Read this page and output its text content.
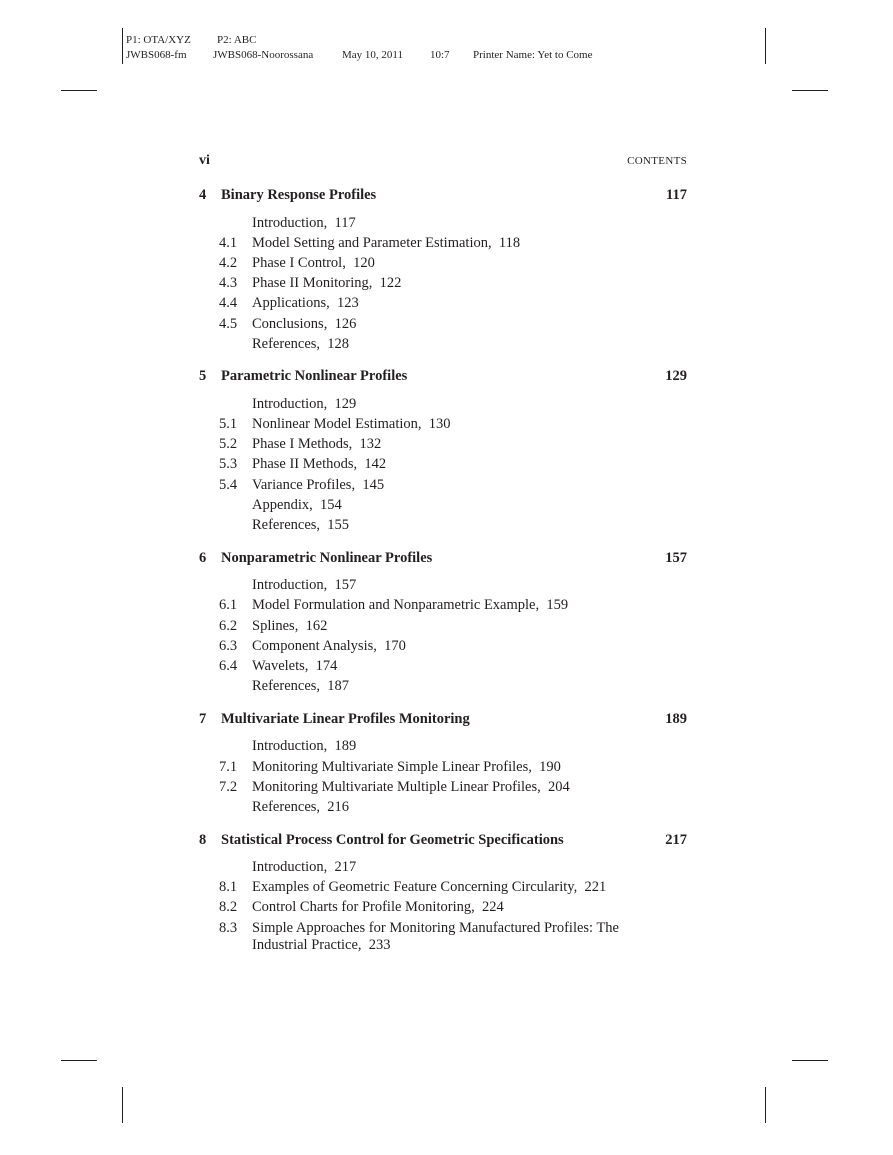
P1: OTA/XYZ P2: ABC
JWBS068-fm JWBS068-Noorossana	May 10, 2011 10:7 Printer Name: Yet to Come
vi	CONTENTS
4 Binary Response Profiles	117
Introduction, 117
4.1 Model Setting and Parameter Estimation, 118
4.2 Phase I Control, 120
4.3 Phase II Monitoring, 122
4.4 Applications, 123
4.5 Conclusions, 126
References, 128
5 Parametric Nonlinear Profiles	129
Introduction, 129
5.1 Nonlinear Model Estimation, 130
5.2 Phase I Methods, 132
5.3 Phase II Methods, 142
5.4 Variance Profiles, 145
Appendix, 154
References, 155
6 Nonparametric Nonlinear Profiles	157
Introduction, 157
6.1 Model Formulation and Nonparametric Example, 159
6.2 Splines, 162
6.3 Component Analysis, 170
6.4 Wavelets, 174
References, 187
7 Multivariate Linear Profiles Monitoring	189
Introduction, 189
7.1 Monitoring Multivariate Simple Linear Profiles, 190
7.2 Monitoring Multivariate Multiple Linear Profiles, 204
References, 216
8 Statistical Process Control for Geometric Specifications	217
Introduction, 217
8.1 Examples of Geometric Feature Concerning Circularity, 221
8.2 Control Charts for Profile Monitoring, 224
8.3 Simple Approaches for Monitoring Manufactured Profiles: The Industrial Practice, 233
